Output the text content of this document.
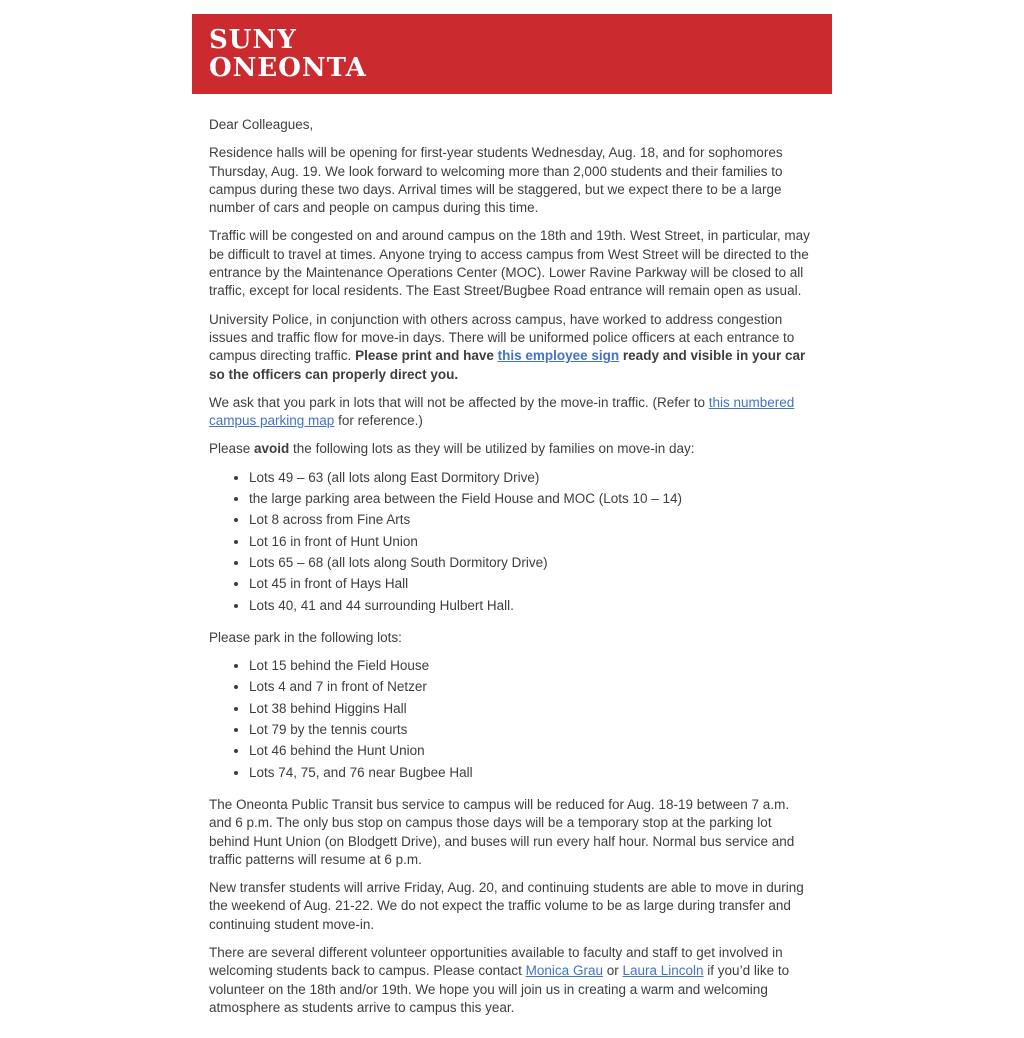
SUNY
ONEONTA

Dear Colleagues,

Residence halls will be opening for first-year students Wednesday, Aug. 18, and for sophomores Thursday, Aug. 19. We look forward to welcoming more than 2,000 students and their families to campus during these two days. Arrival times will be staggered, but we expect there to be a large number of cars and people on campus during this time.

Traffic will be congested on and around campus on the 18th and 19th. West Street, in particular, may be difficult to travel at times. Anyone trying to access campus from West Street will be directed to the entrance by the Maintenance Operations Center (MOC). Lower Ravine Parkway will be closed to all traffic, except for local residents. The East Street/Bugbee Road entrance will remain open as usual.

University Police, in conjunction with others across campus, have worked to address congestion issues and traffic flow for move-in days. There will be uniformed police officers at each entrance to campus directing traffic. Please print and have this employee sign ready and visible in your car so the officers can properly direct you.

We ask that you park in lots that will not be affected by the move-in traffic. (Refer to this numbered campus parking map for reference.)

Please avoid the following lots as they will be utilized by families on move-in day:

• Lots 49 – 63 (all lots along East Dormitory Drive)
• the large parking area between the Field House and MOC (Lots 10 – 14)
• Lot 8 across from Fine Arts
• Lot 16 in front of Hunt Union
• Lots 65 – 68 (all lots along South Dormitory Drive)
• Lot 45 in front of Hays Hall
• Lots 40, 41 and 44 surrounding Hulbert Hall.

Please park in the following lots:

• Lot 15 behind the Field House
• Lots 4 and 7 in front of Netzer
• Lot 38 behind Higgins Hall
• Lot 79 by the tennis courts
• Lot 46 behind the Hunt Union
• Lots 74, 75, and 76 near Bugbee Hall

The Oneonta Public Transit bus service to campus will be reduced for Aug. 18-19 between 7 a.m. and 6 p.m. The only bus stop on campus those days will be a temporary stop at the parking lot behind Hunt Union (on Blodgett Drive), and buses will run every half hour. Normal bus service and traffic patterns will resume at 6 p.m.

New transfer students will arrive Friday, Aug. 20, and continuing students are able to move in during the weekend of Aug. 21-22. We do not expect the traffic volume to be as large during transfer and continuing student move-in.

There are several different volunteer opportunities available to faculty and staff to get involved in welcoming students back to campus. Please contact Monica Grau or Laura Lincoln if you’d like to volunteer on the 18th and/or 19th. We hope you will join us in creating a warm and welcoming atmosphere as students arrive to campus this year.
